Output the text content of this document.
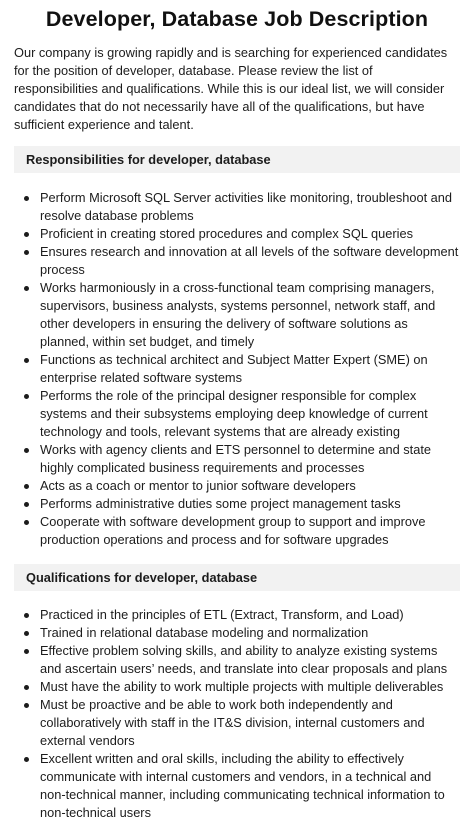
Developer, Database Job Description

Our company is growing rapidly and is searching for experienced candidates for the position of developer, database. Please review the list of responsibilities and qualifications. While this is our ideal list, we will consider candidates that do not necessarily have all of the qualifications, but have sufficient experience and talent.

Responsibilities for developer, database
Perform Microsoft SQL Server activities like monitoring, troubleshoot and resolve database problems
Proficient in creating stored procedures and complex SQL queries
Ensures research and innovation at all levels of the software development process
Works harmoniously in a cross-functional team comprising managers, supervisors, business analysts, systems personnel, network staff, and other developers in ensuring the delivery of software solutions as planned, within set budget, and timely
Functions as technical architect and Subject Matter Expert (SME) on enterprise related software systems
Performs the role of the principal designer responsible for complex systems and their subsystems employing deep knowledge of current technology and tools, relevant systems that are already existing
Works with agency clients and ETS personnel to determine and state highly complicated business requirements and processes
Acts as a coach or mentor to junior software developers
Performs administrative duties some project management tasks
Cooperate with software development group to support and improve production operations and process and for software upgrades
Qualifications for developer, database
Practiced in the principles of ETL (Extract, Transform, and Load)
Trained in relational database modeling and normalization
Effective problem solving skills, and ability to analyze existing systems and ascertain users’ needs, and translate into clear proposals and plans
Must have the ability to work multiple projects with multiple deliverables
Must be proactive and be able to work both independently and collaboratively with staff in the IT&S division, internal customers and external vendors
Excellent written and oral skills, including the ability to effectively communicate with internal customers and vendors, in a technical and non-technical manner, including communicating technical information to non-technical users
